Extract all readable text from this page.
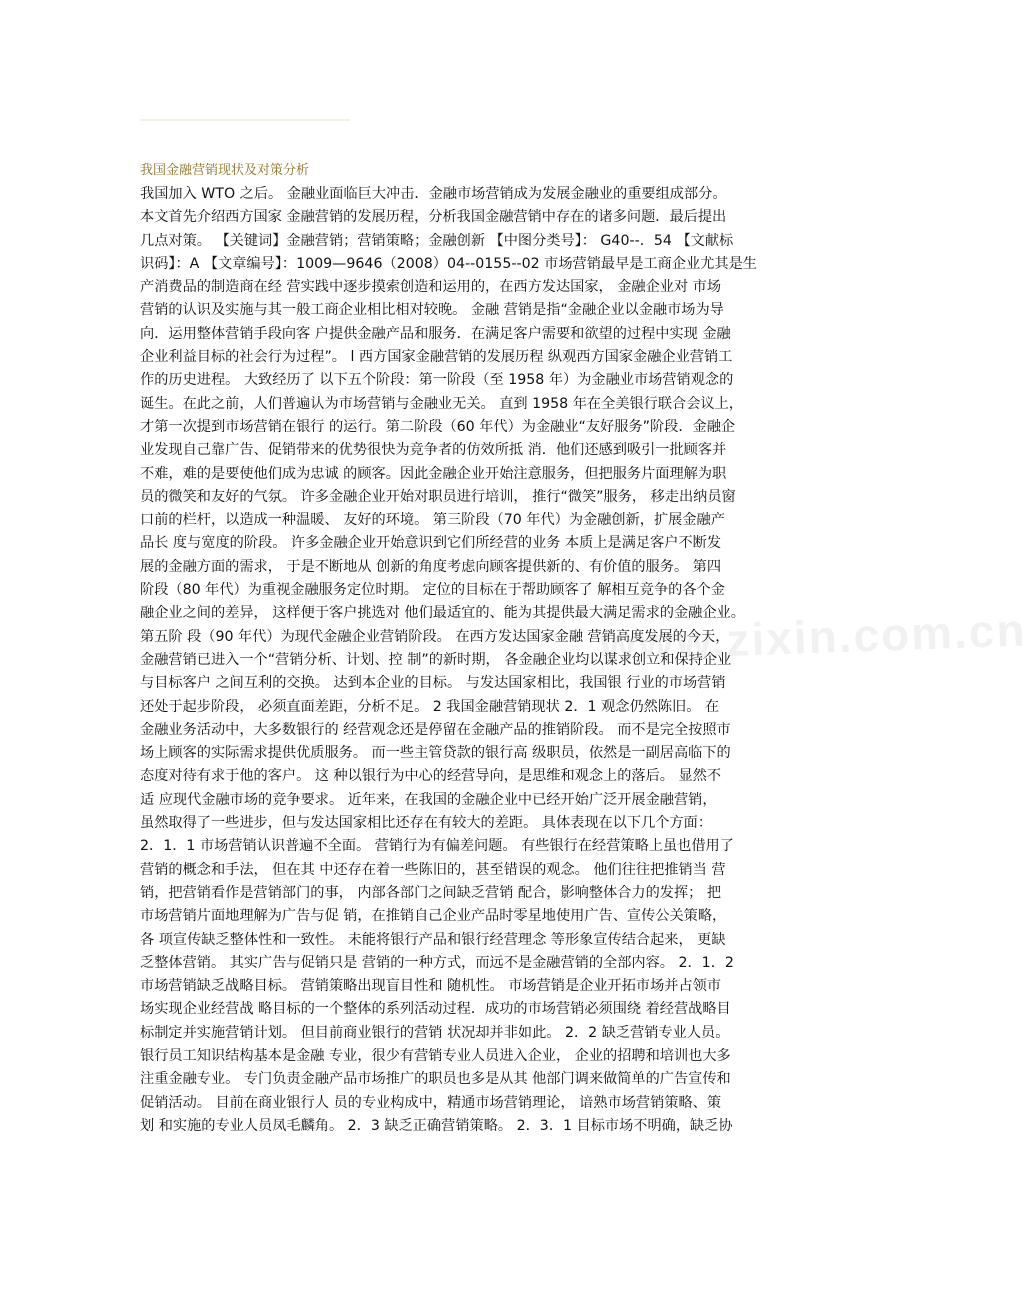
我国金融营销现状及对策分析
www.zixin.com.cn
我国加入 WTO 之后。 金融业面临巨大冲击．金融市场营销成为发展金融业的重要组成部分。
本文首先介绍西方国家 金融营销的发展历程，分析我国金融营销中存在的诸多问题．最后提出
几点对策。 【关键词】金融营销；营销策略；金融创新 【中图分类号】： G40--．54 【文献标
识码】：A 【文章编号】：1009—9646（2008）04--0155--02 市场营销最早是工商企业尤其是生
产消费品的制造商在经 营实践中逐步摸索创造和运用的，在西方发达国家， 金融企业对 市场
营销的认识及实施与其一般工商企业相比相对较晚。 金融 营销是指“金融企业以金融市场为导
向．运用整体营销手段向客 户提供金融产品和服务．在满足客户需要和欲望的过程中实现 金融
企业利益目标的社会行为过程”。 l 西方国家金融营销的发展历程 纵观西方国家金融企业营销工
作的历史进程。 大致经历了 以下五个阶段：第一阶段（至 1958 年）为金融业市场营销观念的
诞生。在此之前，人们普遍认为市场营销与金融业无关。 直到 1958 年在全美银行联合会议上，
才第一次提到市场营销在银行 的运行。第二阶段（60 年代）为金融业“友好服务”阶段．金融企
业发现自己靠广告、促销带来的优势很快为竞争者的仿效所抵 消．他们还感到吸引一批顾客并
不难，难的是要使他们成为忠诚 的顾客。因此金融企业开始注意服务，但把服务片面理解为职
员的微笑和友好的气氛。 许多金融企业开始对职员进行培训， 推行“微笑”服务， 移走出纳员窗
口前的栏杆，以造成一种温暖、 友好的环境。 第三阶段（70 年代）为金融创新，扩展金融产
品长 度与宽度的阶段。 许多金融企业开始意识到它们所经营的业务 本质上是满足客户不断发
展的金融方面的需求， 于是不断地从 创新的角度考虑向顾客提供新的、有价值的服务。 第四
阶段（80 年代）为重视金融服务定位时期。 定位的目标在于帮助顾客了 解相互竞争的各个金
融企业之间的差异， 这样便于客户挑选对 他们最适宜的、能为其提供最大满足需求的金融企业。
第五阶 段（90 年代）为现代金融企业营销阶段。 在西方发达国家金融 营销高度发展的今天，
金融营销已进入一个“营销分析、计划、控 制”的新时期， 各金融企业均以谋求创立和保持企业
与目标客户 之间互利的交换。 达到本企业的目标。 与发达国家相比，我国银 行业的市场营销
还处于起步阶段， 必须直面差距，分析不足。 2 我国金融营销现状 2．1 观念仍然陈旧。 在
金融业务活动中，大多数银行的 经营观念还是停留在金融产品的推销阶段。 而不是完全按照市
场上顾客的实际需求提供优质服务。 而一些主管贷款的银行高 级职员，依然是一副居高临下的
态度对待有求于他的客户。 这 种以银行为中心的经营导向，是思维和观念上的落后。 显然不
适 应现代金融市场的竞争要求。 近年来，在我国的金融企业中已经开始广泛开展金融营销，
虽然取得了一些进步，但与发达国家相比还存在有较大的差距。 具体表现在以下几个方面：
2．1．1 市场营销认识普遍不全面。 营销行为有偏差问题。 有些银行在经营策略上虽也借用了
营销的概念和手法， 但在其 中还存在着一些陈旧的，甚至错误的观念。 他们往往把推销当 营
销，把营销看作是营销部门的事， 内部各部门之间缺乏营销 配合，影响整体合力的发挥； 把
市场营销片面地理解为广告与促 销，在推销自己企业产品时零星地使用广告、宣传公关策略，
各 项宣传缺乏整体性和一致性。 未能将银行产品和银行经营理念 等形象宣传结合起来， 更缺
乏整体营销。 其实广告与促销只是 营销的一种方式，而远不是金融营销的全部内容。 2．1．2
市场营销缺乏战略目标。 营销策略出现盲目性和 随机性。 市场营销是企业开拓市场并占领市
场实现企业经营战 略目标的一个整体的系列活动过程．成功的市场营销必须围绕 着经营战略目
标制定并实施营销计划。 但目前商业银行的营销 状况却并非如此。 2．2 缺乏营销专业人员。
银行员工知识结构基本是金融 专业，很少有营销专业人员进入企业， 企业的招聘和培训也大多
注重金融专业。 专门负责金融产品市场推广的职员也多是从其 他部门调来做简单的广告宣传和
促销活动。 目前在商业银行人 员的专业构成中，精通市场营销理论， 谙熟市场营销策略、策
划 和实施的专业人员凤毛麟角。 2．3 缺乏正确营销策略。 2．3．1 目标市场不明确，缺乏协
